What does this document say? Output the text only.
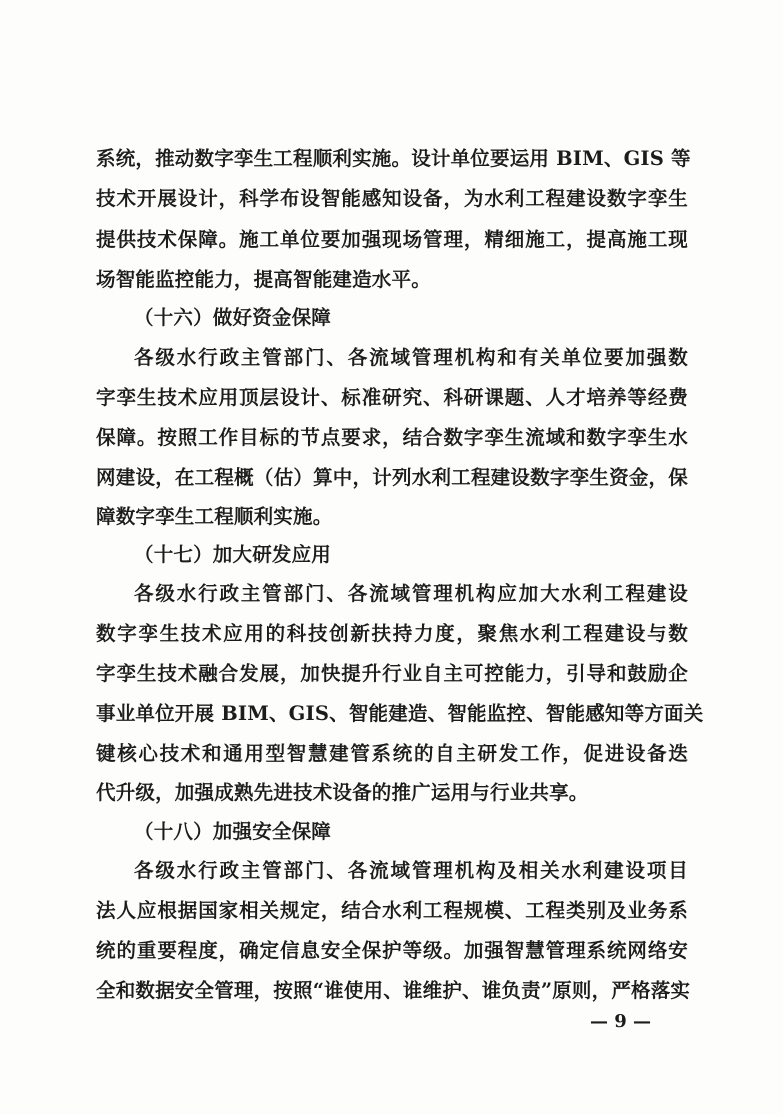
系统，推动数字孪生工程顺利实施。设计单位要运用 BIM、GIS 等
技术开展设计，科学布设智能感知设备，为水利工程建设数字孪生
提供技术保障。施工单位要加强现场管理，精细施工，提高施工现
场智能监控能力，提高智能建造水平。
（十六）做好资金保障
各级水行政主管部门、各流域管理机构和有关单位要加强数
字孪生技术应用顶层设计、标准研究、科研课题、人才培养等经费
保障。按照工作目标的节点要求，结合数字孪生流域和数字孪生水
网建设，在工程概（估）算中，计列水利工程建设数字孪生资金，保
障数字孪生工程顺利实施。
（十七）加大研发应用
各级水行政主管部门、各流域管理机构应加大水利工程建设
数字孪生技术应用的科技创新扶持力度，聚焦水利工程建设与数
字孪生技术融合发展，加快提升行业自主可控能力，引导和鼓励企
事业单位开展 BIM、GIS、智能建造、智能监控、智能感知等方面关
键核心技术和通用型智慧建管系统的自主研发工作，促进设备迭
代升级，加强成熟先进技术设备的推广运用与行业共享。
（十八）加强安全保障
各级水行政主管部门、各流域管理机构及相关水利建设项目
法人应根据国家相关规定，结合水利工程规模、工程类别及业务系
统的重要程度，确定信息安全保护等级。加强智慧管理系统网络安
全和数据安全管理，按照“谁使用、谁维护、谁负责”原则，严格落实
— 9 —
